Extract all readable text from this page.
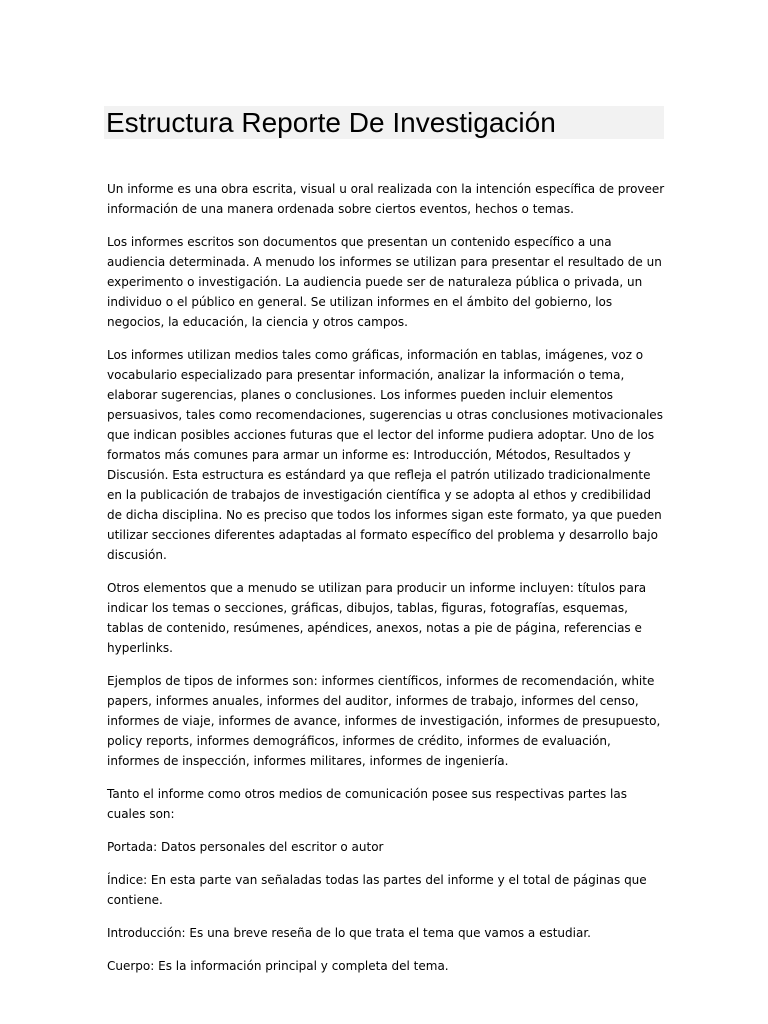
Estructura Reporte De Investigación

Un informe es una obra escrita, visual u oral realizada con la intención específica de proveer información de una manera ordenada sobre ciertos eventos, hechos o temas.

Los informes escritos son documentos que presentan un contenido específico a una audiencia determinada. A menudo los informes se utilizan para presentar el resultado de un experimento o investigación. La audiencia puede ser de naturaleza pública o privada, un individuo o el público en general. Se utilizan informes en el ámbito del gobierno, los negocios, la educación, la ciencia y otros campos.

Los informes utilizan medios tales como gráficas, información en tablas, imágenes, voz o vocabulario especializado para presentar información, analizar la información o tema, elaborar sugerencias, planes o conclusiones. Los informes pueden incluir elementos persuasivos, tales como recomendaciones, sugerencias u otras conclusiones motivacionales que indican posibles acciones futuras que el lector del informe pudiera adoptar. Uno de los formatos más comunes para armar un informe es: Introducción, Métodos, Resultados y Discusión. Esta estructura es estándard ya que refleja el patrón utilizado tradicionalmente en la publicación de trabajos de investigación científica y se adopta al ethos y credibilidad de dicha disciplina. No es preciso que todos los informes sigan este formato, ya que pueden utilizar secciones diferentes adaptadas al formato específico del problema y desarrollo bajo discusión.

Otros elementos que a menudo se utilizan para producir un informe incluyen: títulos para indicar los temas o secciones, gráficas, dibujos, tablas, figuras, fotografías, esquemas, tablas de contenido, resúmenes, apéndices, anexos, notas a pie de página, referencias e hyperlinks.

Ejemplos de tipos de informes son: informes científicos, informes de recomendación, white papers, informes anuales, informes del auditor, informes de trabajo, informes del censo, informes de viaje, informes de avance, informes de investigación, informes de presupuesto, policy reports, informes demográficos, informes de crédito, informes de evaluación, informes de inspección, informes militares, informes de ingeniería.

Tanto el informe como otros medios de comunicación posee sus respectivas partes las cuales son:

Portada: Datos personales del escritor o autor

Índice: En esta parte van señaladas todas las partes del informe y el total de páginas que contiene.

Introducción: Es una breve reseña de lo que trata el tema que vamos a estudiar.

Cuerpo: Es la información principal y completa del tema.
